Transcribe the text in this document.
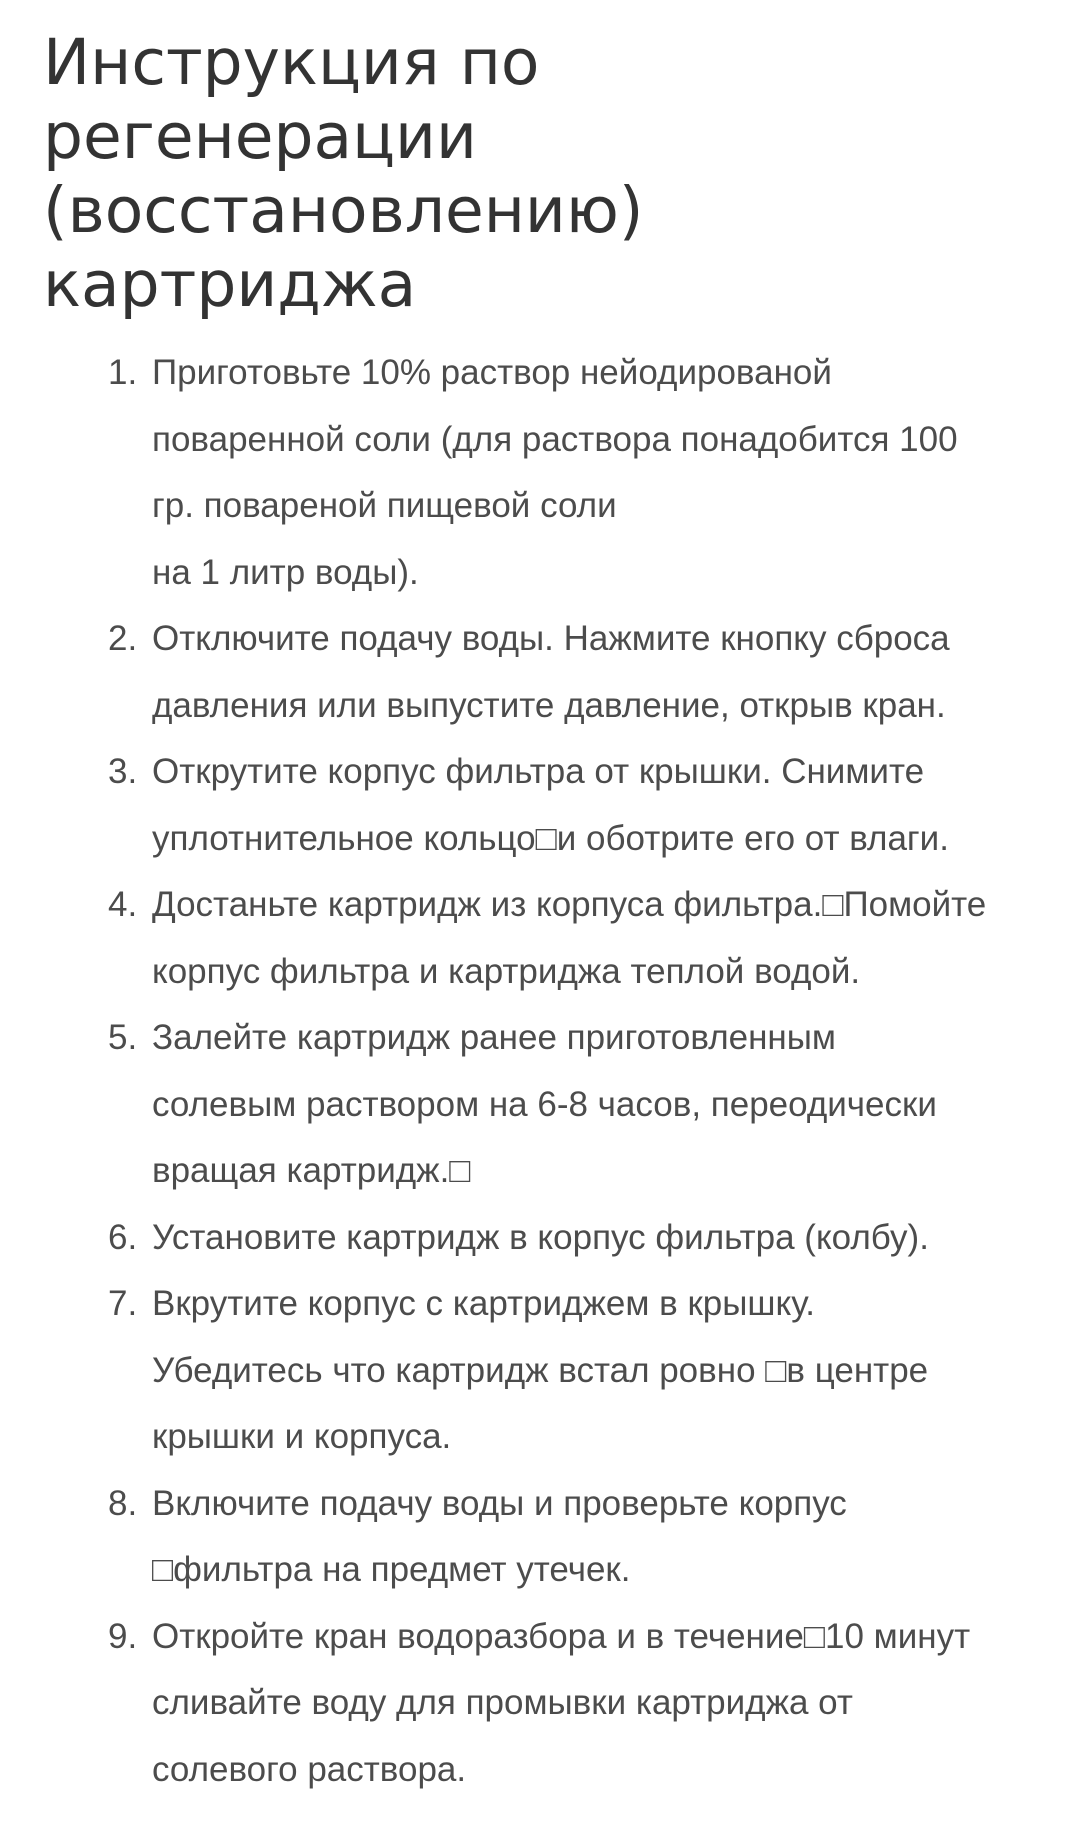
Инструкция по
регенерации
(восстановлению)
картриджа
1. Приготовьте 10% раствор нейодированой
поваренной соли (для раствора понадобится 100
гр. повареной пищевой соли
на 1 литр воды).
2. Отключите подачу воды. Нажмите кнопку сброса
давления или выпустите давление, открыв кран.
3. Открутите корпус фильтра от крышки. Снимите
уплотнительное кольцо□и оботрите его от влаги.
4. Достаньте картридж из корпуса фильтра.□Помойте
корпус фильтра и картриджа теплой водой.
5. Залейте картридж ранее приготовленным
солевым раствором на 6-8 часов, переодически
вращая картридж.□
6. Установите картридж в корпус фильтра (колбу).
7. Вкрутите корпус с картриджем в крышку.
Убедитесь что картридж встал ровно □в центре
крышки и корпуса.
8. Включите подачу воды и проверьте корпус
□фильтра на предмет утечек.
9. Откройте кран водоразбора и в течение□10 минут
сливайте воду для промывки картриджа от
солевого раствора.
